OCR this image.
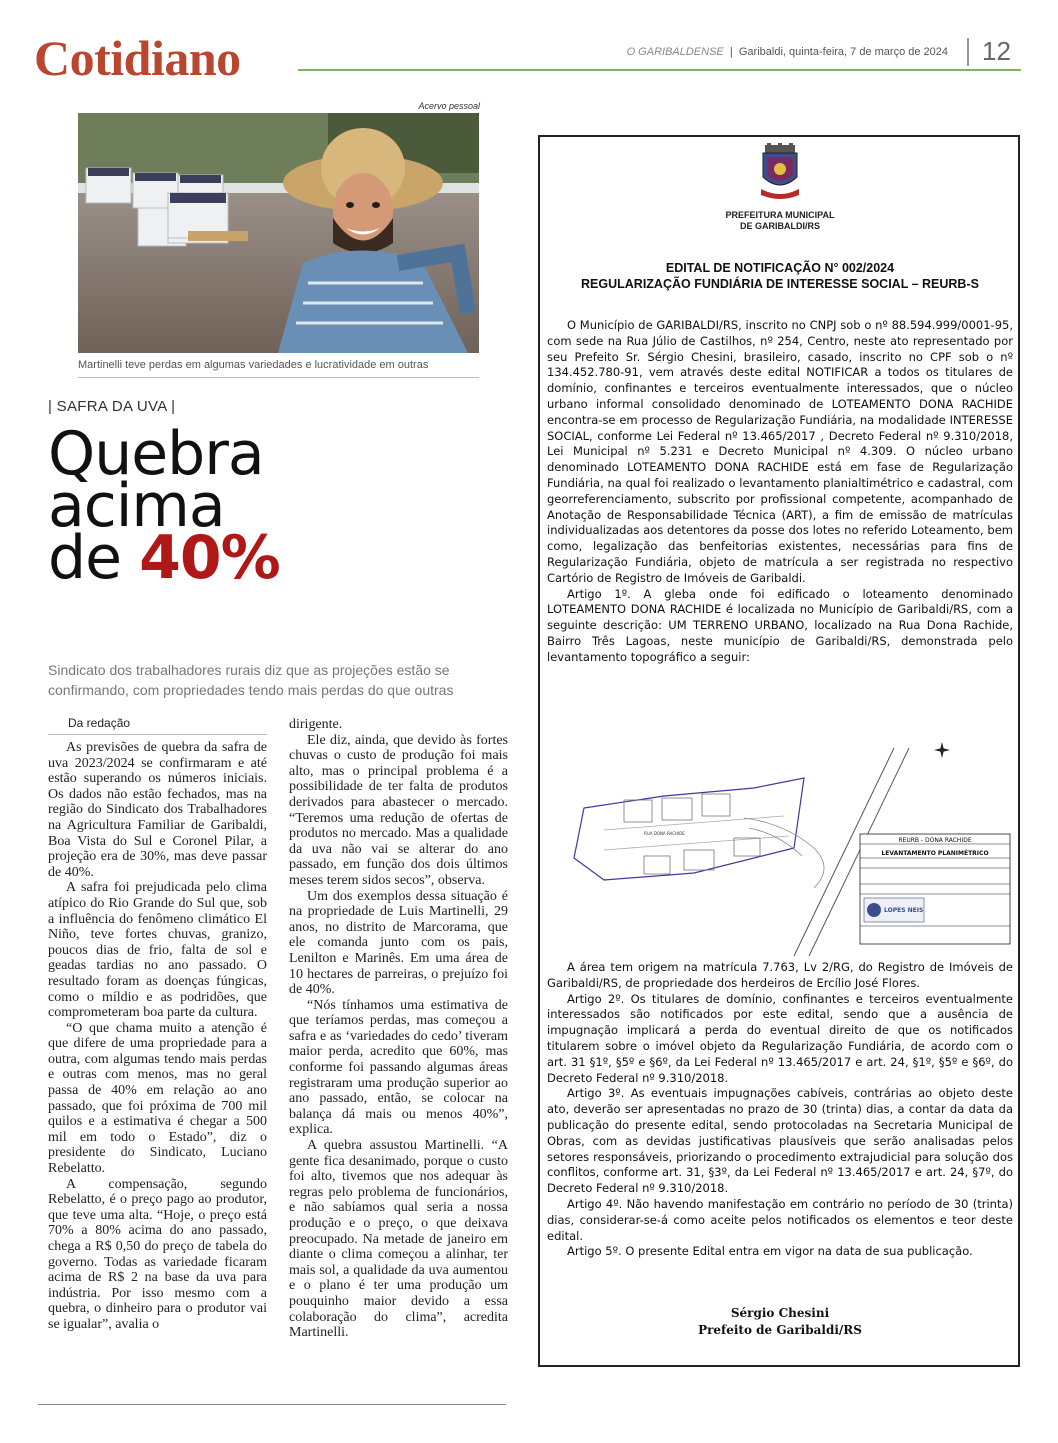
Cotidiano	O GARIBALDENSE | Garibaldi, quinta-feira, 7 de março de 2024 12
Acervo pessoal
Martinelli teve perdas em algumas variedades e lucratividade em outras
| SAFRA DA UVA |
Quebra
acima
de 40%
Sindicato dos trabalhadores rurais diz que as projeções estão se confirmando, com propriedades tendo mais perdas do que outras
Da redação

As previsões de quebra da safra de uva 2023/2024 se confirmaram e até estão superando os números iniciais. Os dados não estão fechados, mas na região do Sindicato dos Trabalhadores na Agricultura Familiar de Garibaldi, Boa Vista do Sul e Coronel Pilar, a projeção era de 30%, mas deve passar de 40%.

A safra foi prejudicada pelo clima atípico do Rio Grande do Sul que, sob a influência do fenômeno climático El Niño, teve fortes chuvas, granizo, poucos dias de frio, falta de sol e geadas tardias no ano passado. O resultado foram as doenças fúngicas, como o míldio e as podridões, que comprometeram boa parte da cultura.

“O que chama muito a atenção é que difere de uma propriedade para a outra, com algumas tendo mais perdas e outras com menos, mas no geral passa de 40% em relação ao ano passado, que foi próxima de 700 mil quilos e a estimativa é chegar a 500 mil em todo o Estado”, diz o presidente do Sindicato, Luciano Rebelatto.

A compensação, segundo Rebelatto, é o preço pago ao produtor, que teve uma alta. “Hoje, o preço está 70% a 80% acima do ano passado, chega a R$ 0,50 do preço de tabela do governo. Todas as variedade ficaram acima de R$ 2 na base da uva para indústria. Por isso mesmo com a quebra, o dinheiro para o produtor vai se igualar”, avalia o

dirigente.

Ele diz, ainda, que devido às fortes chuvas o custo de produção foi mais alto, mas o principal problema é a possibilidade de ter falta de produtos derivados para abastecer o mercado. “Teremos uma redução de ofertas de produtos no mercado. Mas a qualidade da uva não vai se alterar do ano passado, em função dos dois últimos meses terem sidos secos”, observa.

Um dos exemplos dessa situação é na propriedade de Luis Martinelli, 29 anos, no distrito de Marcorama, que ele comanda junto com os pais, Lenilton e Marinês. Em uma área de 10 hectares de parreiras, o prejuízo foi de 40%.

“Nós tínhamos uma estimativa de que teríamos perdas, mas começou a safra e as ‘variedades do cedo’ tiveram maior perda, acredito que 60%, mas conforme foi passando algumas áreas registraram uma produção superior ao ano passado, então, se colocar na balança dá mais ou menos 40%”, explica.

A quebra assustou Martinelli. “A gente fica desanimado, porque o custo foi alto, tivemos que nos adequar às regras pelo problema de funcionários, e não sabíamos qual seria a nossa produção e o preço, o que deixava preocupado. Na metade de janeiro em diante o clima começou a alinhar, ter mais sol, a qualidade da uva aumentou e o plano é ter uma produção um pouquinho maior devido a essa colaboração do clima”, acredita Martinelli.

PREFEITURA MUNICIPAL
DE GARIBALDI/RS
EDITAL DE NOTIFICAÇÃO N° 002/2024
REGULARIZAÇÃO FUNDIÁRIA DE INTERESSE SOCIAL – REURB-S

O Município de GARIBALDI/RS, inscrito no CNPJ sob o nº 88.594.999/0001-95, com sede na Rua Júlio de Castilhos, nº 254, Centro, neste ato representado por seu Prefeito Sr. Sérgio Chesini, brasileiro, casado, inscrito no CPF sob o nº 134.452.780-91, vem através deste edital NOTIFICAR a todos os titulares de domínio, confinantes e terceiros eventualmente interessados, que o núcleo urbano informal consolidado denominado de LOTEAMENTO DONA RACHIDE encontra-se em processo de Regularização Fundiária, na modalidade INTERESSE SOCIAL, conforme Lei Federal nº 13.465/2017 , Decreto Federal nº 9.310/2018, Lei Municipal nº 5.231 e Decreto Municipal nº 4.309. O núcleo urbano denominado LOTEAMENTO DONA RACHIDE está em fase de Regularização Fundiária, na qual foi realizado o levantamento planialtimétrico e cadastral, com georreferenciamento, subscrito por profissional competente, acompanhado de Anotação de Responsabilidade Técnica (ART), a fim de emissão de matrículas individualizadas aos detentores da posse dos lotes no referido Loteamento, bem como, legalização das benfeitorias existentes, necessárias para fins de Regularização Fundiária, objeto de matrícula a ser registrada no respectivo Cartório de Registro de Imóveis de Garibaldi.

Artigo 1º. A gleba onde foi edificado o loteamento denominado LOTEAMENTO DONA RACHIDE é localizada no Município de Garibaldi/RS, com a seguinte descrição: UM TERRENO URBANO, localizado na Rua Dona Rachide, Bairro Três Lagoas, neste município de Garibaldi/RS, demonstrada pelo levantamento topográfico a seguir:

RUA DONA RACHIDE
REURB - DONA RACHIDE
LEVANTAMENTO PLANIMÉTRICO
LOPES NEIS

A área tem origem na matrícula 7.763, Lv 2/RG, do Registro de Imóveis de Garibaldi/RS, de propriedade dos herdeiros de Ercílio José Flores.

Artigo 2º. Os titulares de domínio, confinantes e terceiros eventualmente interessados são notificados por este edital, sendo que a ausência de impugnação implicará a perda do eventual direito de que os notificados titularem sobre o imóvel objeto da Regularização Fundiária, de acordo com o art. 31 §1º, §5º e §6º, da Lei Federal nº 13.465/2017 e art. 24, §1º, §5º e §6º, do Decreto Federal nº 9.310/2018.

Artigo 3º. As eventuais impugnações cabíveis, contrárias ao objeto deste ato, deverão ser apresentadas no prazo de 30 (trinta) dias, a contar da data da publicação do presente edital, sendo protocoladas na Secretaria Municipal de Obras, com as devidas justificativas plausíveis que serão analisadas pelos setores responsáveis, priorizando o procedimento extrajudicial para solução dos conflitos, conforme art. 31, §3º, da Lei Federal nº 13.465/2017 e art. 24, §7º, do Decreto Federal nº 9.310/2018.

Artigo 4º. Não havendo manifestação em contrário no período de 30 (trinta) dias, considerar-se-á como aceite pelos notificados os elementos e teor deste edital.

Artigo 5º. O presente Edital entra em vigor na data de sua publicação.

Sérgio Chesini
Prefeito de Garibaldi/RS
